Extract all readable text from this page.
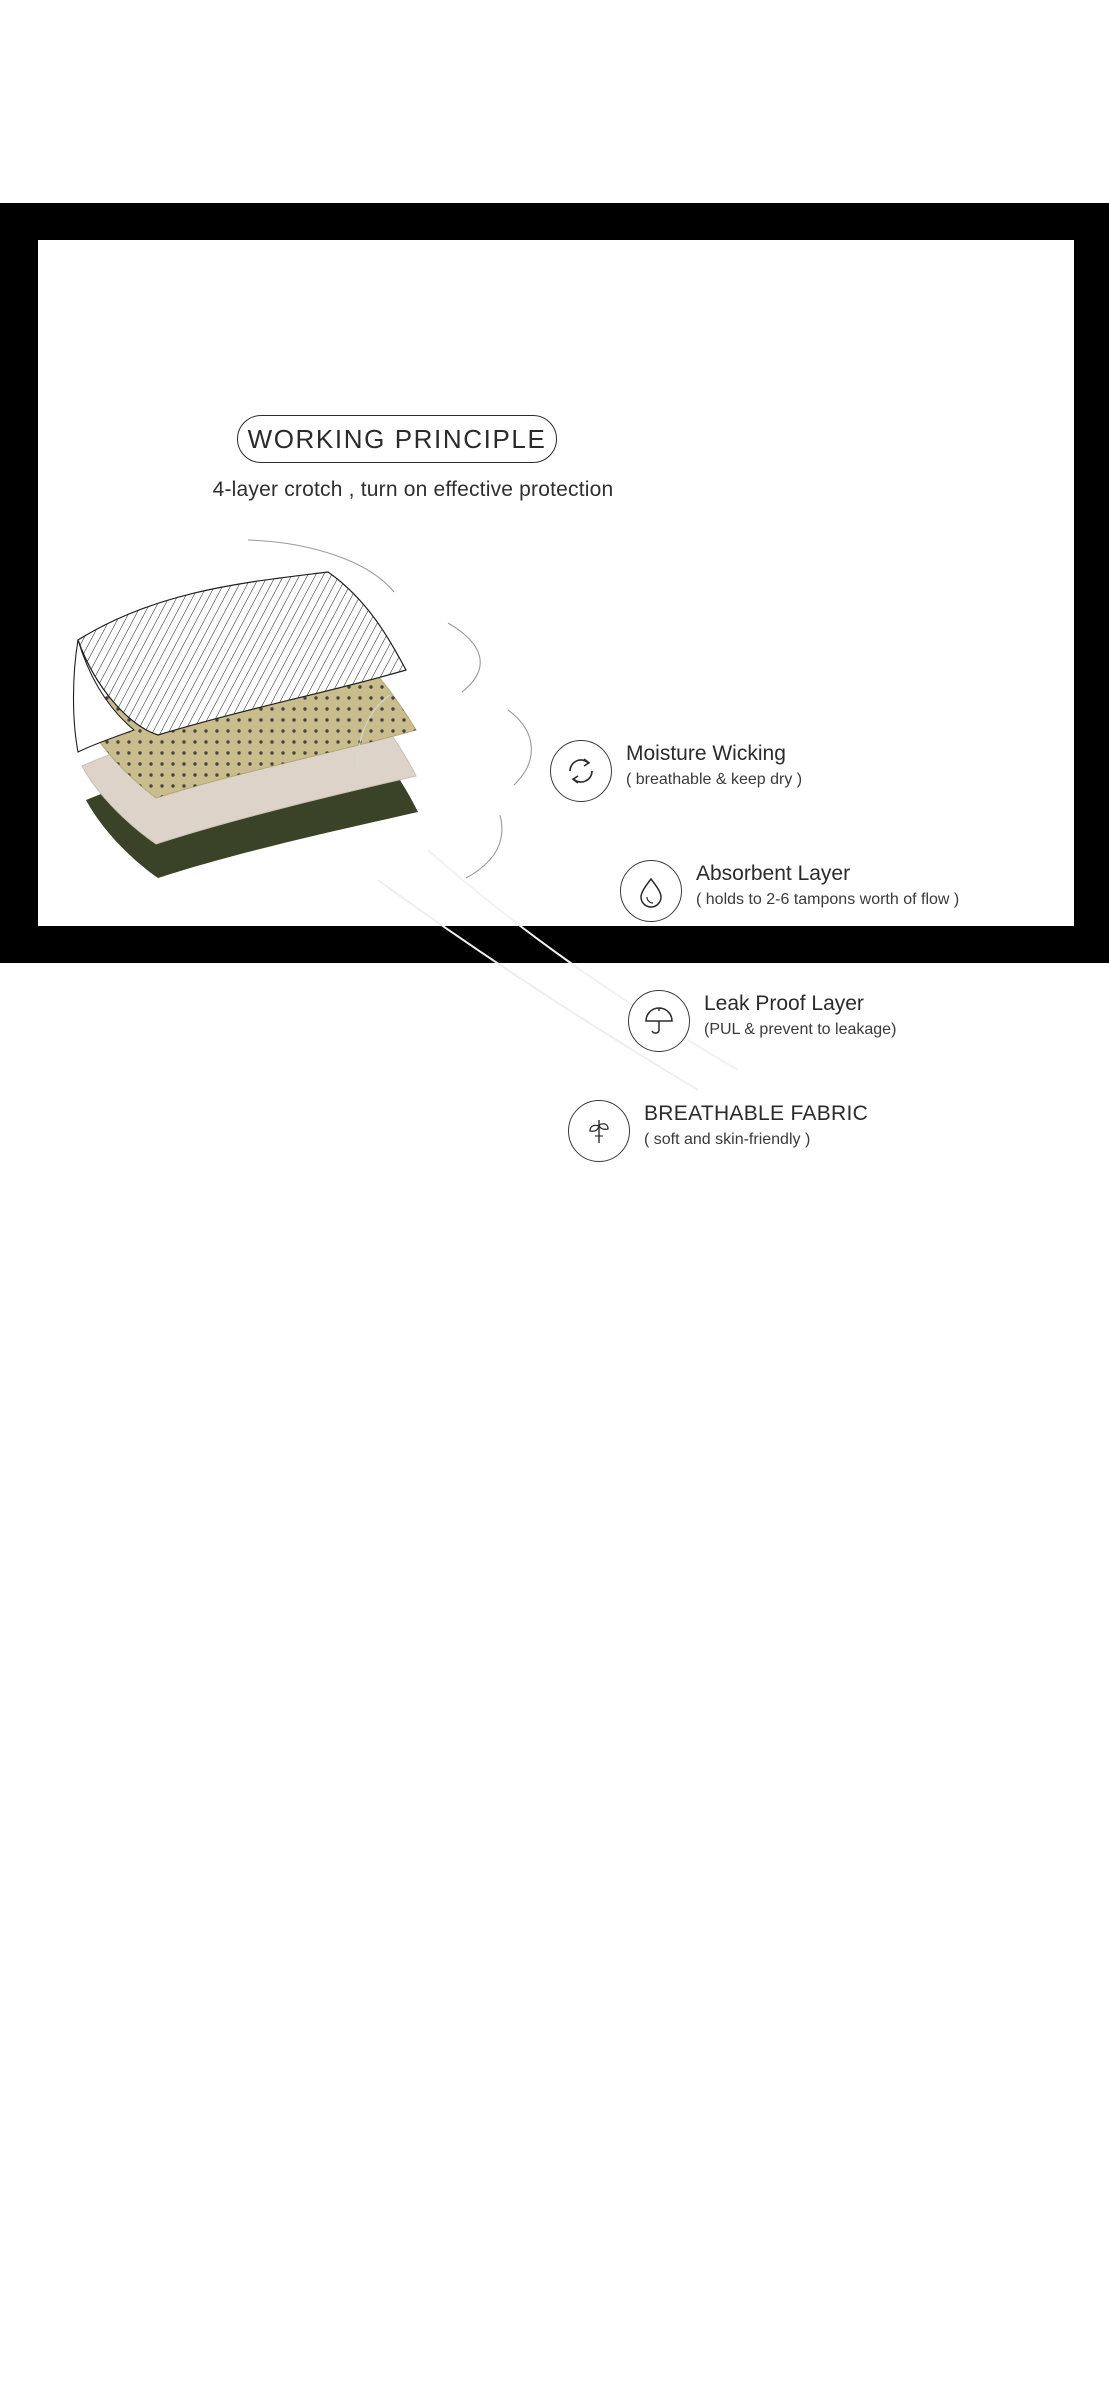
WORKING PRINCIPLE
4-layer crotch , turn on effective protection
Moisture Wicking
( breathable & keep dry )
Absorbent Layer
( holds to 2-6 tampons worth of flow )
Leak Proof Layer
(PUL & prevent to leakage)
BREATHABLE FABRIC
( soft and skin-friendly )
